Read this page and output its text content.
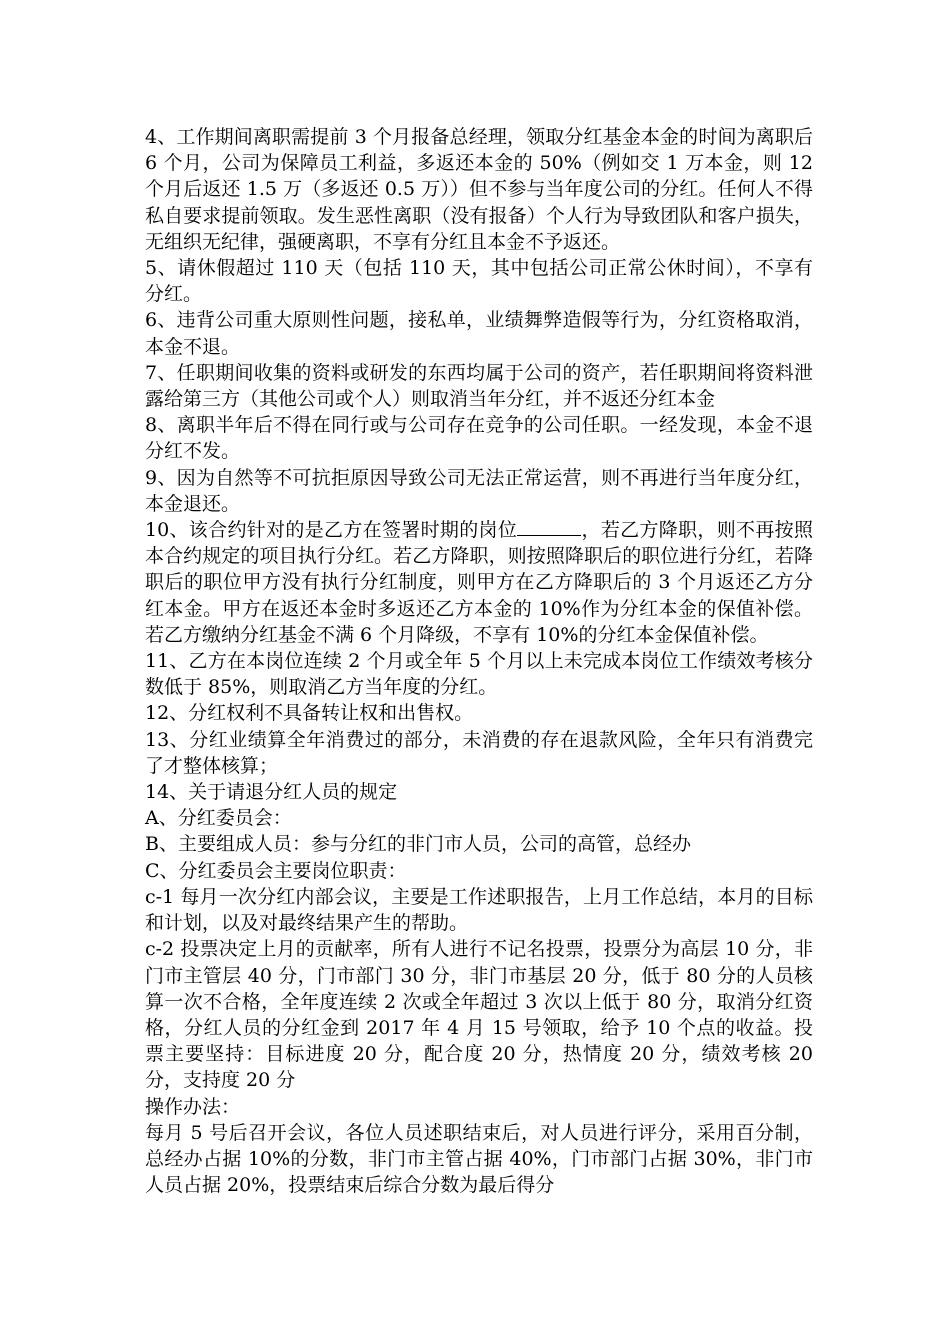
4、工作期间离职需提前 3 个月报备总经理，领取分红基金本金的时间为离职后 6 个月，公司为保障员工利益，多返还本金的 50%（例如交 1 万本金，则 12 个月后返还 1.5 万（多返还 0.5 万））但不参与当年度公司的分红。任何人不得私自要求提前领取。发生恶性离职（没有报备）个人行为导致团队和客户损失，无组织无纪律，强硬离职，不享有分红且本金不予返还。

5、请休假超过 110 天（包括 110 天，其中包括公司正常公休时间），不享有分红。

6、违背公司重大原则性问题，接私单，业绩舞弊造假等行为，分红资格取消，本金不退。

7、任职期间收集的资料或研发的东西均属于公司的资产，若任职期间将资料泄露给第三方（其他公司或个人）则取消当年分红，并不返还分红本金

8、离职半年后不得在同行或与公司存在竞争的公司任职。一经发现，本金不退分红不发。

9、因为自然等不可抗拒原因导致公司无法正常运营，则不再进行当年度分红，本金退还。

10、该合约针对的是乙方在签署时期的岗位	，若乙方降职，则不再按照本合约规定的项目执行分红。若乙方降职，则按照降职后的职位进行分红，若降职后的职位甲方没有执行分红制度，则甲方在乙方降职后的 3 个月返还乙方分红本金。甲方在返还本金时多返还乙方本金的 10%作为分红本金的保值补偿。若乙方缴纳分红基金不满 6 个月降级，不享有 10%的分红本金保值补偿。

11、乙方在本岗位连续 2 个月或全年 5 个月以上未完成本岗位工作绩效考核分数低于 85%，则取消乙方当年度的分红。

12、分红权利不具备转让权和出售权。

13、分红业绩算全年消费过的部分，未消费的存在退款风险，全年只有消费完了才整体核算；

14、关于请退分红人员的规定

A、分红委员会：

B、主要组成人员：参与分红的非门市人员，公司的高管，总经办

C、分红委员会主要岗位职责：

c-1 每月一次分红内部会议，主要是工作述职报告，上月工作总结，本月的目标和计划，以及对最终结果产生的帮助。

c-2 投票决定上月的贡献率，所有人进行不记名投票，投票分为高层 10 分，非门市主管层 40 分，门市部门 30 分，非门市基层 20 分，低于 80 分的人员核算一次不合格，全年度连续 2 次或全年超过 3 次以上低于 80 分，取消分红资格，分红人员的分红金到 2017 年 4 月 15 号领取，给予 10 个点的收益。投票主要坚持：目标进度 20 分，配合度 20 分，热情度 20 分，绩效考核 20 分，支持度 20 分

操作办法：

每月 5 号后召开会议，各位人员述职结束后，对人员进行评分，采用百分制，总经办占据 10%的分数，非门市主管占据 40%，门市部门占据 30%，非门市人员占据 20%，投票结束后综合分数为最后得分
